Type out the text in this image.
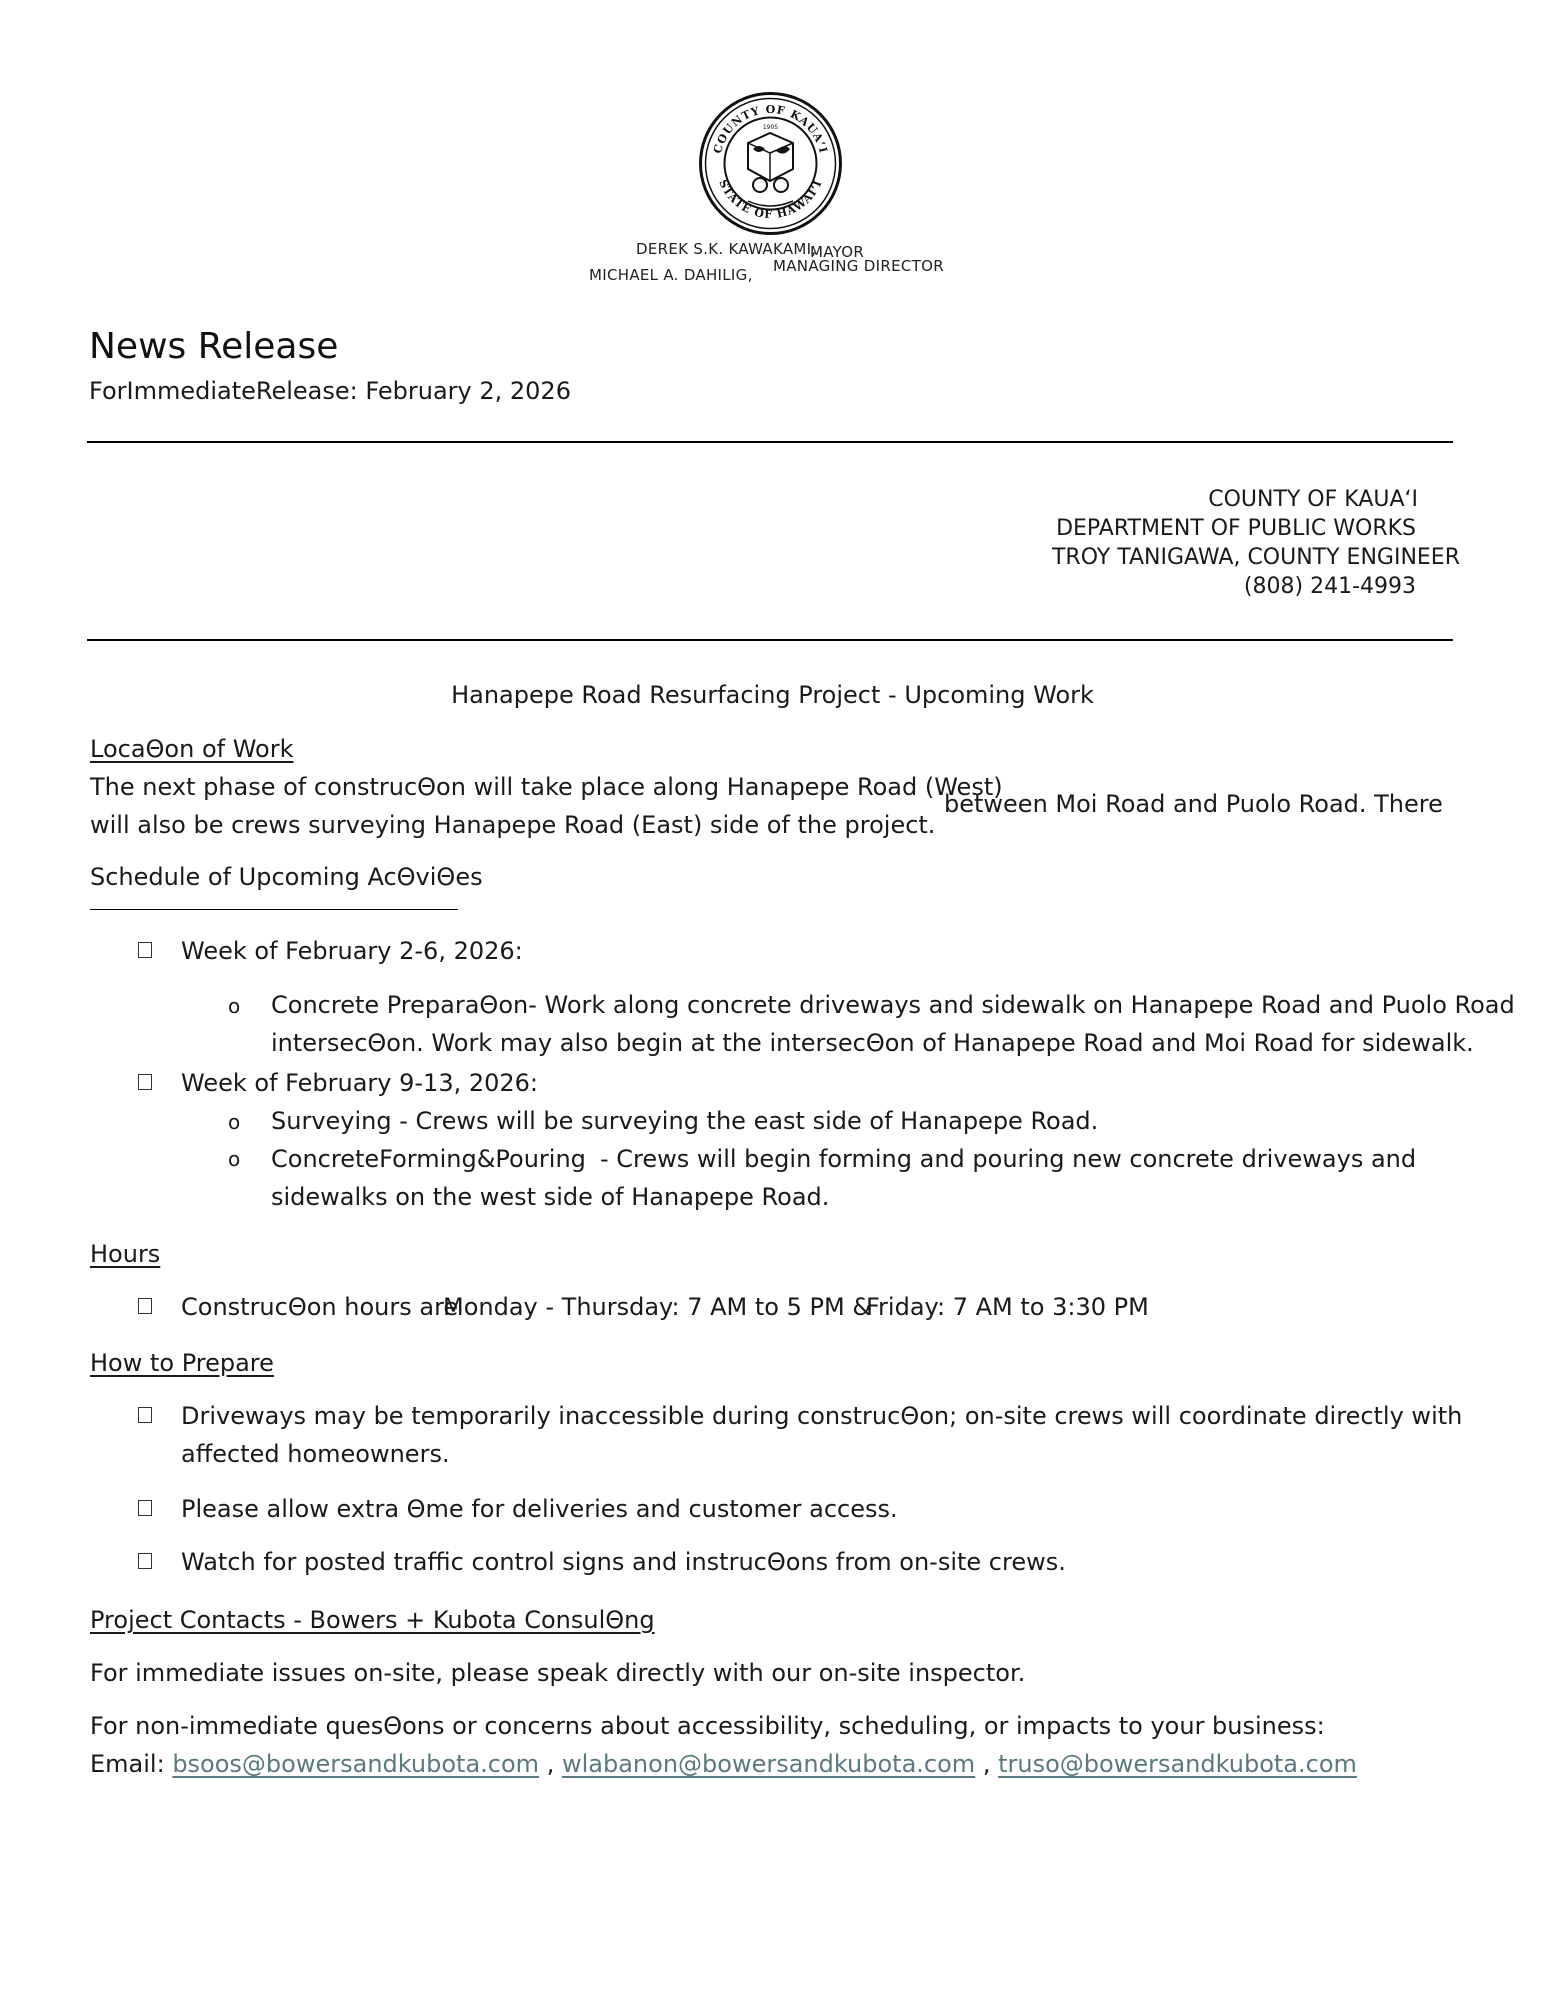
COUNTY OF KAUAʻI
STATE OF HAWAIʻI
1905
DEREK S.K. KAWAKAMI,
MAYOR
MICHAEL A. DAHILIG, MANAGING DIRECTOR
News Release
ForImmediateRelease: February 2, 2026
COUNTY OF KAUAʻI
DEPARTMENT OF PUBLIC WORKS
TROY TANIGAWA, COUNTY ENGINEER
(808) 241-4993
Hanapepe Road Resurfacing Project - Upcoming Work
LocaΘon of Work
The next phase of construcΘon will take place along Hanapepe Road (West)
between Moi Road and Puolo Road. There
will also be crews surveying Hanapepe Road (East) side of the project.
Schedule of Upcoming AcΘviΘes
Week of February 2-6, 2026:
o Concrete PreparaΘon- Work along concrete driveways and sidewalk on Hanapepe Road and Puolo Road
intersecΘon. Work may also begin at the intersecΘon of Hanapepe Road and Moi Road for sidewalk.
Week of February 9-13, 2026:
o Surveying - Crews will be surveying the east side of Hanapepe Road.
o ConcreteForming&Pouring - Crews will begin forming and pouring new concrete driveways and
sidewalks on the west side of Hanapepe Road.
Hours
ConstrucΘon hours are
Monday - Thursday: 7 AM to 5 PM &
Friday: 7 AM to 3:30 PM
How to Prepare
Driveways may be temporarily inaccessible during construcΘon; on-site crews will coordinate directly with
affected homeowners.
Please allow extra Θme for deliveries and customer access.
Watch for posted traffic control signs and instrucΘons from on-site crews.
Project Contacts - Bowers + Kubota ConsulΘng
For immediate issues on-site, please speak directly with our on-site inspector.
For non-immediate quesΘons or concerns about accessibility, scheduling, or impacts to your business:
Email: bsoos@bowersandkubota.com , wlabanon@bowersandkubota.com , truso@bowersandkubota.com
